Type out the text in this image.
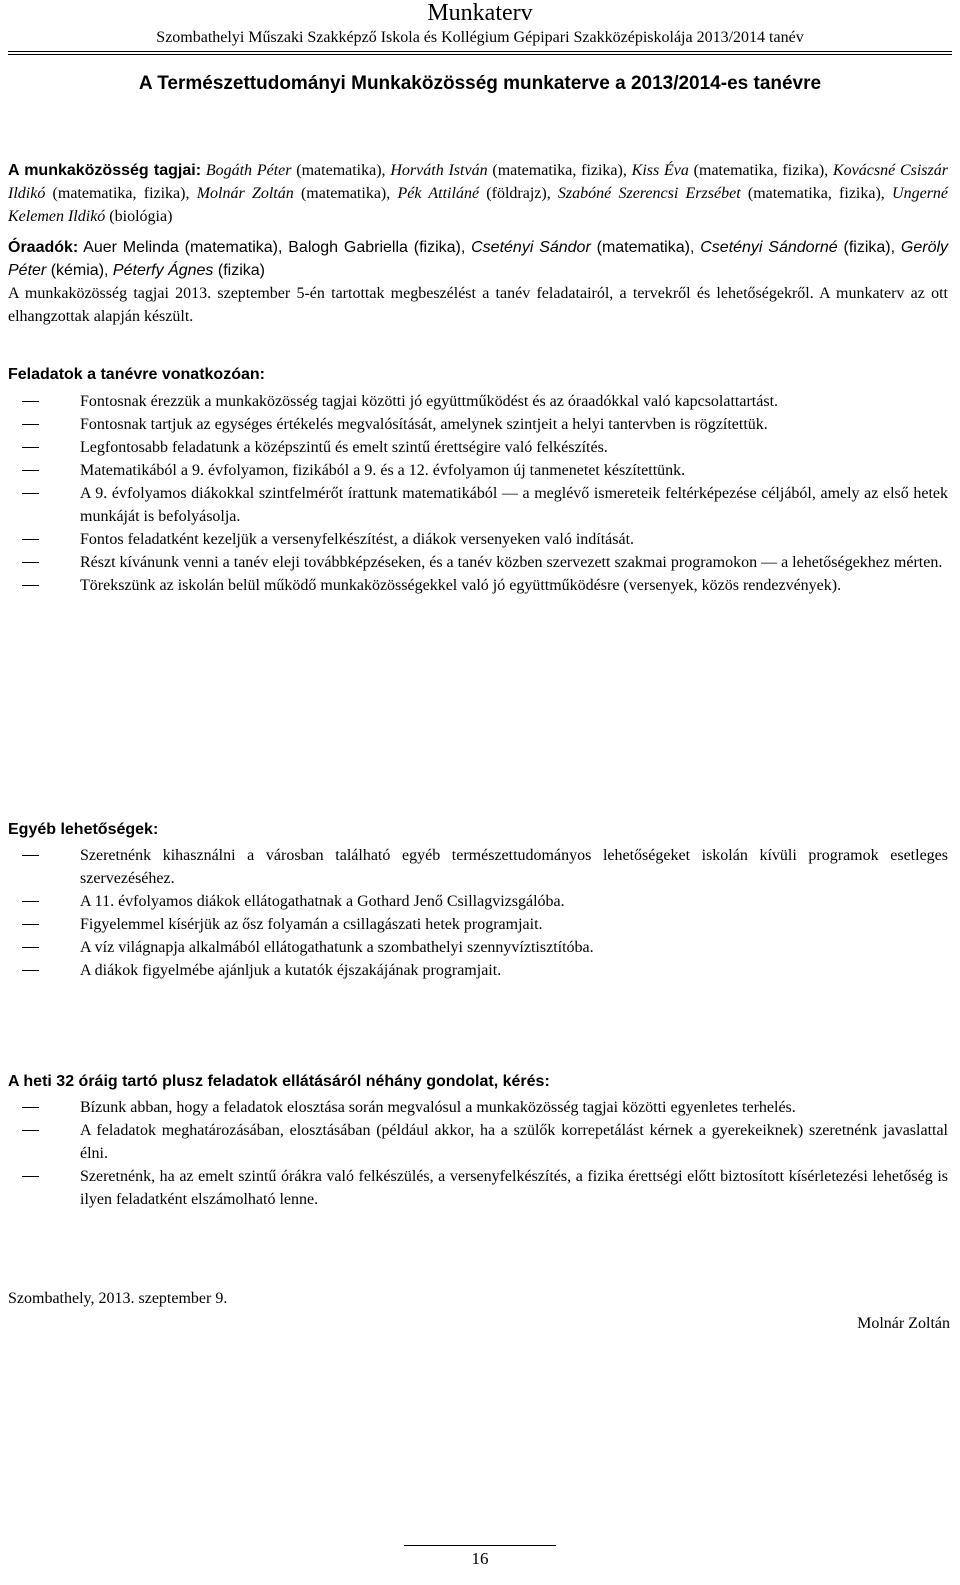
Munkaterv
Szombathelyi Műszaki Szakképző Iskola és Kollégium Gépipari Szakközépiskolája 2013/2014 tanév
A Természettudományi Munkaközösség munkaterve a 2013/2014-es tanévre
A munkaközösség tagjai: Bogáth Péter (matematika), Horváth István (matematika, fizika), Kiss Éva (matematika, fizika), Kovácsné Csiszár Ildikó (matematika, fizika), Molnár Zoltán (matematika), Pék Attiláné (földrajz), Szabóné Szerencsi Erzsébet (matematika, fizika), Ungerné Kelemen Ildikó (biológia)
Óraadók: Auer Melinda (matematika), Balogh Gabriella (fizika), Csetényi Sándor (matematika), Csetényi Sándorné (fizika), Geröly Péter (kémia), Péterfy Ágnes (fizika)
A munkaközösség tagjai 2013. szeptember 5-én tartottak megbeszélést a tanév feladatairól, a tervekről és lehetőségekről. A munkaterv az ott elhangzottak alapján készült.
Feladatok a tanévre vonatkozóan:
Fontosnak érezzük a munkaközösség tagjai közötti jó együttműködést és az óraadókkal való kapcsolattartást.
Fontosnak tartjuk az egységes értékelés megvalósítását, amelynek szintjeit a helyi tantervben is rögzítettük.
Legfontosabb feladatunk a középszintű és emelt szintű érettségire való felkészítés.
Matematikából a 9. évfolyamon, fizikából a 9. és a 12. évfolyamon új tanmenetet készítettünk.
A 9. évfolyamos diákokkal szintfelmérőt írattunk matematikából — a meglévő ismereteik feltérképezése céljából, amely az első hetek munkáját is befolyásolja.
Fontos feladatként kezeljük a versenyfelkészítést, a diákok versenyeken való indítását.
Részt kívánunk venni a tanév eleji továbbképzéseken, és a tanév közben szervezett szakmai programokon — a lehetőségekhez mérten.
Törekszünk az iskolán belül működő munkaközösségekkel való jó együttműködésre (versenyek, közös rendezvények).
Egyéb lehetőségek:
Szeretnénk kihasználni a városban található egyéb természettudományos lehetőségeket iskolán kívüli programok esetleges szervezéséhez.
A 11. évfolyamos diákok ellátogathatnak a Gothard Jenő Csillagvizsgálóba.
Figyelemmel kísérjük az ősz folyamán a csillagászati hetek programjait.
A víz világnapja alkalmából ellátogathatunk a szombathelyi szennyvíztisztítóba.
A diákok figyelmébe ajánljuk a kutatók éjszakájának programjait.
A heti 32 óráig tartó plusz feladatok ellátásáról néhány gondolat, kérés:
Bízunk abban, hogy a feladatok elosztása során megvalósul a munkaközösség tagjai közötti egyenletes terhelés.
A feladatok meghatározásában, elosztásában (például akkor, ha a szülők korrepetálást kérnek a gyerekeiknek) szeretnénk javaslattal élni.
Szeretnénk, ha az emelt szintű órákra való felkészülés, a versenyfelkészítés, a fizika érettségi előtt biztosított kísérletezési lehetőség is ilyen feladatként elszámolható lenne.
Szombathely, 2013. szeptember 9.
Molnár Zoltán
16
